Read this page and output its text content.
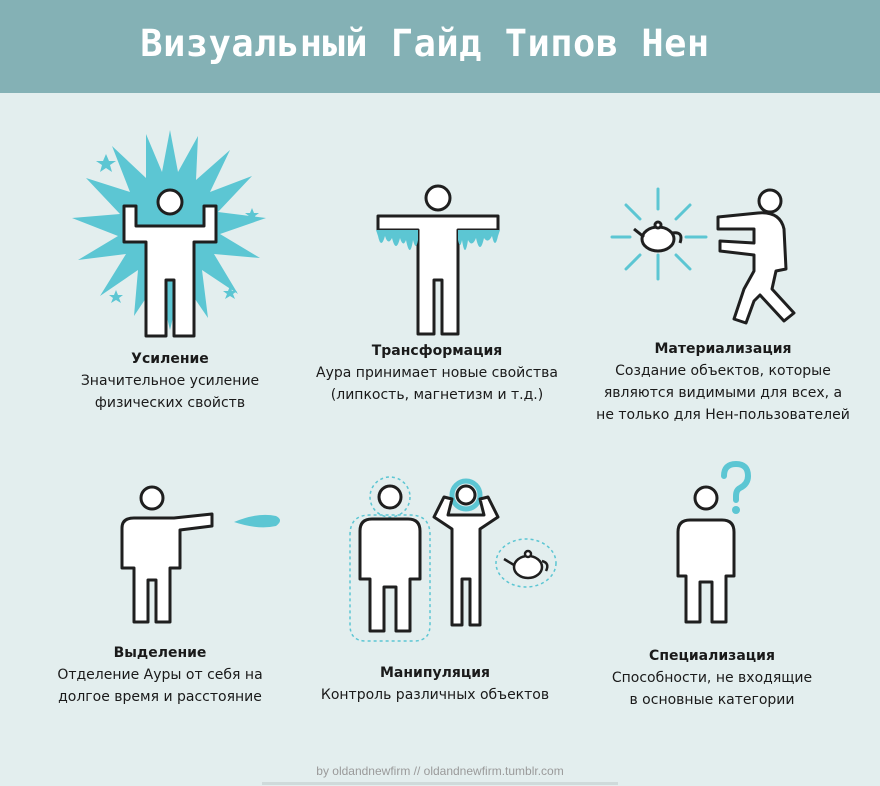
Визуальный Гайд Типов Нен
Усиление
Значительное усиление
физических свойств
Трансформация
Аура принимает новые свойства
(липкость, магнетизм и т.д.)
Материализация
Создание объектов, которые
являются видимыми для всех, а
не только для Нен-пользователей
Выделение
Отделение Ауры от себя на
долгое время и расстояние
Манипуляция
Контроль различных объектов
Специализация
Способности, не вxодящие
в основные категории
by oldandnewfirm // oldandnewfirm.tumblr.com
